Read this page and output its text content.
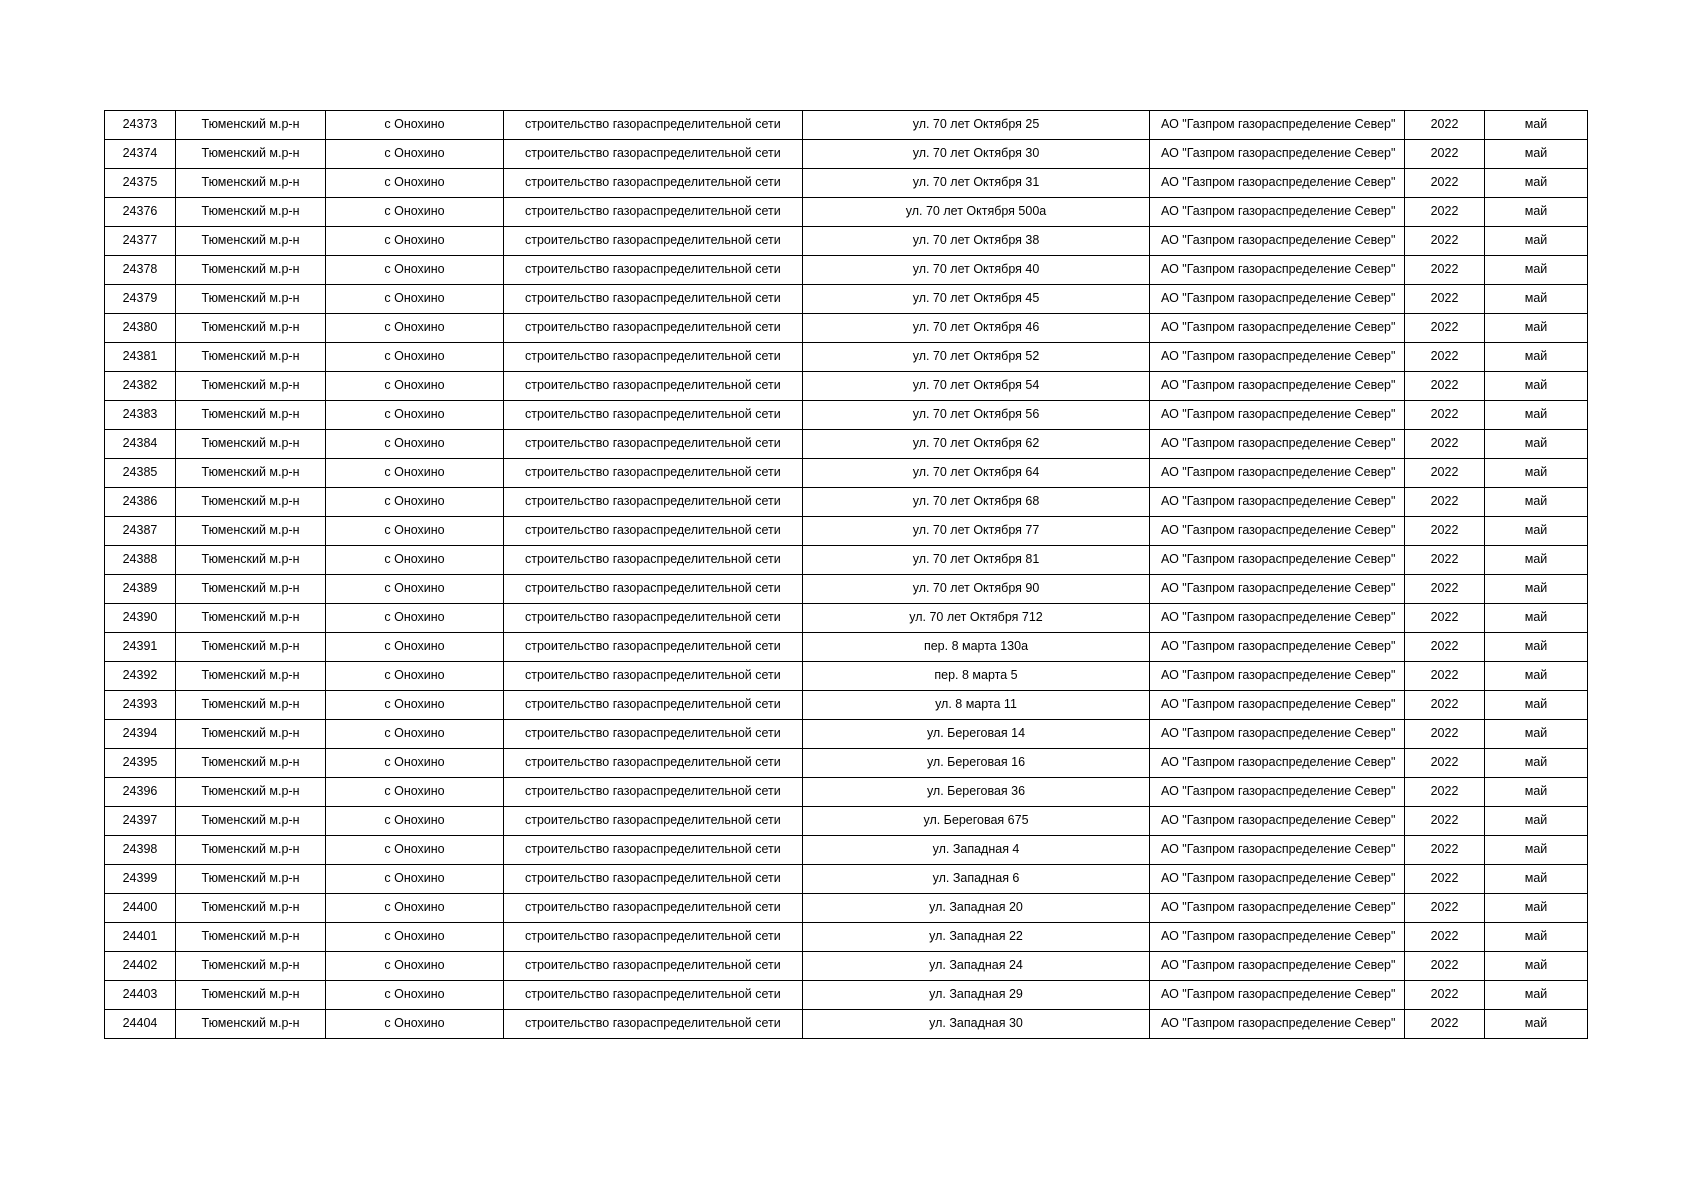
24373	Тюменский м.р-н	с Онохино	строительство газораспределительной сети	ул. 70 лет Октября 25	АО "Газпром газораспределение Север"	2022	май
24374	Тюменский м.р-н	с Онохино	строительство газораспределительной сети	ул. 70 лет Октября 30	АО "Газпром газораспределение Север"	2022	май
24375	Тюменский м.р-н	с Онохино	строительство газораспределительной сети	ул. 70 лет Октября 31	АО "Газпром газораспределение Север"	2022	май
24376	Тюменский м.р-н	с Онохино	строительство газораспределительной сети	ул. 70 лет Октября 500а	АО "Газпром газораспределение Север"	2022	май
24377	Тюменский м.р-н	с Онохино	строительство газораспределительной сети	ул. 70 лет Октября 38	АО "Газпром газораспределение Север"	2022	май
24378	Тюменский м.р-н	с Онохино	строительство газораспределительной сети	ул. 70 лет Октября 40	АО "Газпром газораспределение Север"	2022	май
24379	Тюменский м.р-н	с Онохино	строительство газораспределительной сети	ул. 70 лет Октября 45	АО "Газпром газораспределение Север"	2022	май
24380	Тюменский м.р-н	с Онохино	строительство газораспределительной сети	ул. 70 лет Октября 46	АО "Газпром газораспределение Север"	2022	май
24381	Тюменский м.р-н	с Онохино	строительство газораспределительной сети	ул. 70 лет Октября 52	АО "Газпром газораспределение Север"	2022	май
24382	Тюменский м.р-н	с Онохино	строительство газораспределительной сети	ул. 70 лет Октября 54	АО "Газпром газораспределение Север"	2022	май
24383	Тюменский м.р-н	с Онохино	строительство газораспределительной сети	ул. 70 лет Октября 56	АО "Газпром газораспределение Север"	2022	май
24384	Тюменский м.р-н	с Онохино	строительство газораспределительной сети	ул. 70 лет Октября 62	АО "Газпром газораспределение Север"	2022	май
24385	Тюменский м.р-н	с Онохино	строительство газораспределительной сети	ул. 70 лет Октября 64	АО "Газпром газораспределение Север"	2022	май
24386	Тюменский м.р-н	с Онохино	строительство газораспределительной сети	ул. 70 лет Октября 68	АО "Газпром газораспределение Север"	2022	май
24387	Тюменский м.р-н	с Онохино	строительство газораспределительной сети	ул. 70 лет Октября 77	АО "Газпром газораспределение Север"	2022	май
24388	Тюменский м.р-н	с Онохино	строительство газораспределительной сети	ул. 70 лет Октября 81	АО "Газпром газораспределение Север"	2022	май
24389	Тюменский м.р-н	с Онохино	строительство газораспределительной сети	ул. 70 лет Октября 90	АО "Газпром газораспределение Север"	2022	май
24390	Тюменский м.р-н	с Онохино	строительство газораспределительной сети	ул. 70 лет Октября 712	АО "Газпром газораспределение Север"	2022	май
24391	Тюменский м.р-н	с Онохино	строительство газораспределительной сети	пер. 8 марта 130а	АО "Газпром газораспределение Север"	2022	май
24392	Тюменский м.р-н	с Онохино	строительство газораспределительной сети	пер. 8 марта 5	АО "Газпром газораспределение Север"	2022	май
24393	Тюменский м.р-н	с Онохино	строительство газораспределительной сети	ул. 8 марта 11	АО "Газпром газораспределение Север"	2022	май
24394	Тюменский м.р-н	с Онохино	строительство газораспределительной сети	ул. Береговая 14	АО "Газпром газораспределение Север"	2022	май
24395	Тюменский м.р-н	с Онохино	строительство газораспределительной сети	ул. Береговая 16	АО "Газпром газораспределение Север"	2022	май
24396	Тюменский м.р-н	с Онохино	строительство газораспределительной сети	ул. Береговая 36	АО "Газпром газораспределение Север"	2022	май
24397	Тюменский м.р-н	с Онохино	строительство газораспределительной сети	ул. Береговая 675	АО "Газпром газораспределение Север"	2022	май
24398	Тюменский м.р-н	с Онохино	строительство газораспределительной сети	ул. Западная 4	АО "Газпром газораспределение Север"	2022	май
24399	Тюменский м.р-н	с Онохино	строительство газораспределительной сети	ул. Западная 6	АО "Газпром газораспределение Север"	2022	май
24400	Тюменский м.р-н	с Онохино	строительство газораспределительной сети	ул. Западная 20	АО "Газпром газораспределение Север"	2022	май
24401	Тюменский м.р-н	с Онохино	строительство газораспределительной сети	ул. Западная 22	АО "Газпром газораспределение Север"	2022	май
24402	Тюменский м.р-н	с Онохино	строительство газораспределительной сети	ул. Западная 24	АО "Газпром газораспределение Север"	2022	май
24403	Тюменский м.р-н	с Онохино	строительство газораспределительной сети	ул. Западная 29	АО "Газпром газораспределение Север"	2022	май
24404	Тюменский м.р-н	с Онохино	строительство газораспределительной сети	ул. Западная 30	АО "Газпром газораспределение Север"	2022	май
